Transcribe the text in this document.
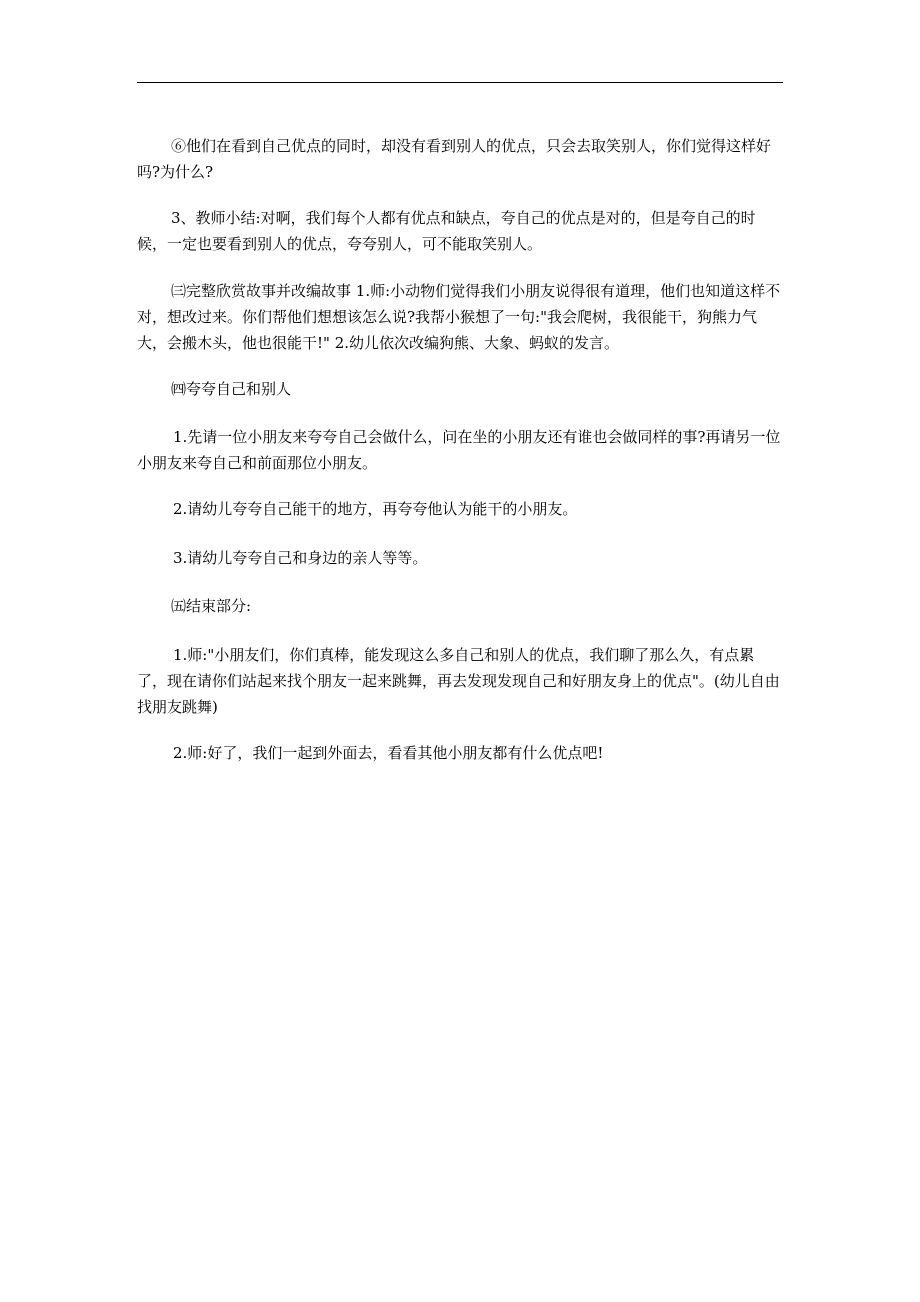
⑥他们在看到自己优点的同时，却没有看到别人的优点，只会去取笑别人，你们觉得这样好吗?为什么?

3、教师小结:对啊，我们每个人都有优点和缺点，夸自己的优点是对的，但是夸自己的时候，一定也要看到别人的优点，夸夸别人，可不能取笑别人。

㈢完整欣赏故事并改编故事 1.师:小动物们觉得我们小朋友说得很有道理，他们也知道这样不对，想改过来。你们帮他们想想该怎么说?我帮小猴想了一句:"我会爬树，我很能干，狗熊力气大，会搬木头，他也很能干!" 2.幼儿依次改编狗熊、大象、蚂蚁的发言。

㈣夸夸自己和别人

1.先请一位小朋友来夸夸自己会做什么，问在坐的小朋友还有谁也会做同样的事?再请另一位小朋友来夸自己和前面那位小朋友。

2.请幼儿夸夸自己能干的地方，再夸夸他认为能干的小朋友。

3.请幼儿夸夸自己和身边的亲人等等。

㈤结束部分:

1.师:"小朋友们，你们真棒，能发现这么多自己和别人的优点，我们聊了那么久，有点累了，现在请你们站起来找个朋友一起来跳舞，再去发现发现自己和好朋友身上的优点"。(幼儿自由找朋友跳舞)

2.师:好了，我们一起到外面去，看看其他小朋友都有什么优点吧!
